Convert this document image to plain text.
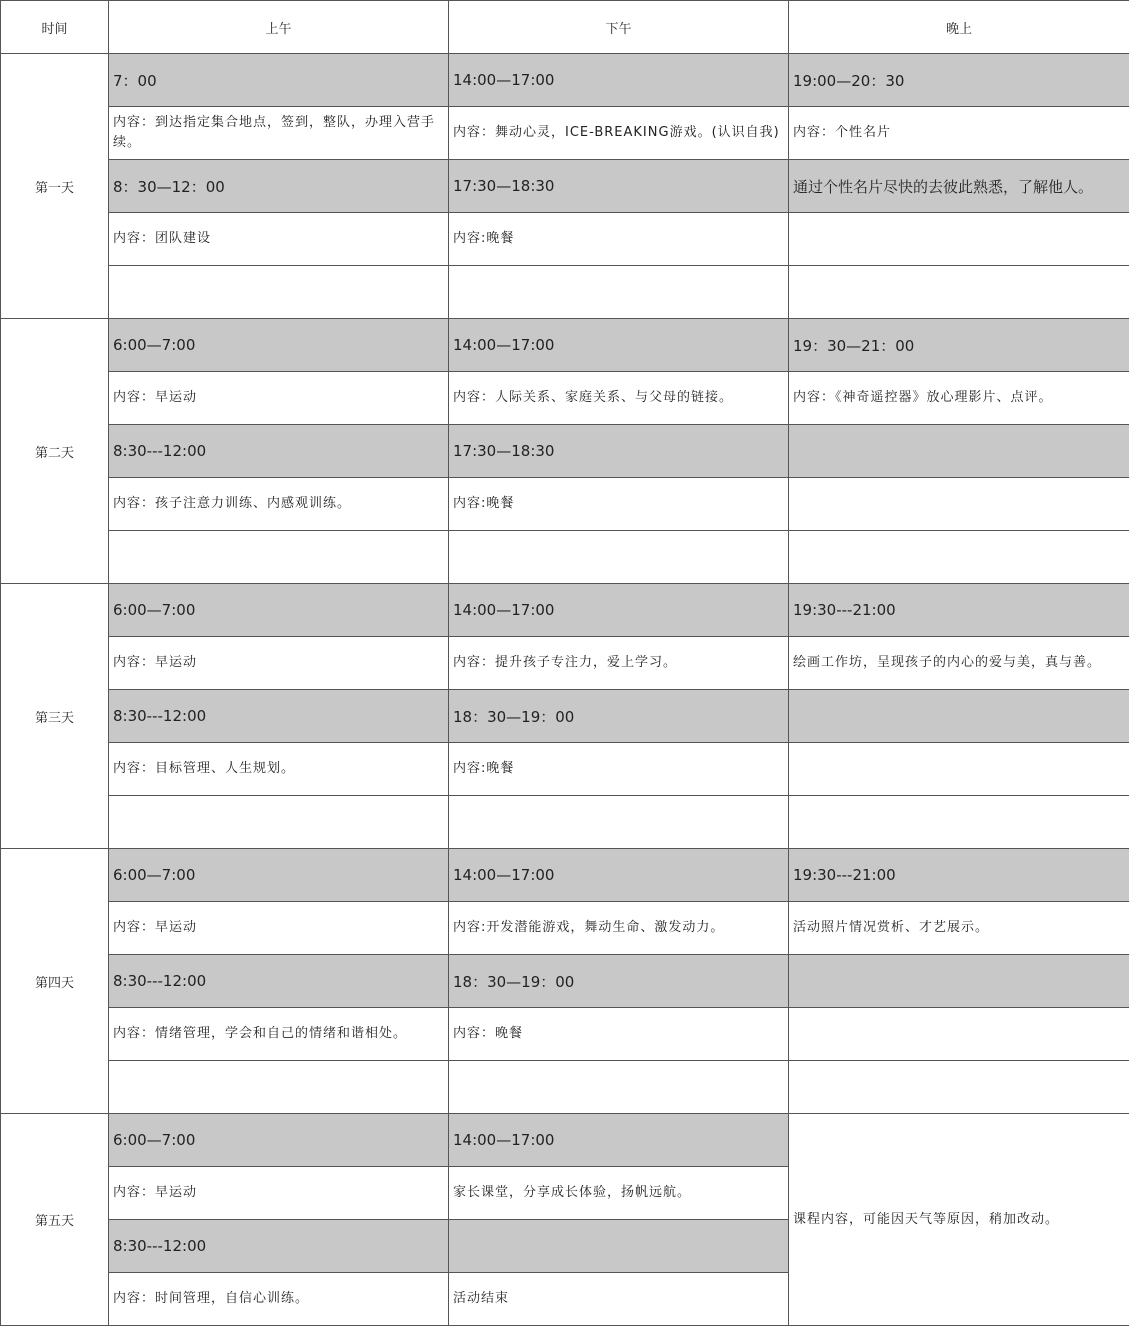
时间	上午	下午	晚上
第一天	7：00	14:00—17:00	19:00—20：30
	内容：到达指定集合地点，签到，整队，办理入营手续。	内容：舞动心灵，ICE-BREAKING游戏。(认识自我)	内容：个性名片
	8：30—12：00	17:30—18:30	通过个性名片尽快的去彼此熟悉，了解他人。
	内容：团队建设	内容:晚餐	

第二天	6:00—7:00	14:00—17:00	19：30—21：00
	内容：早运动	内容：人际关系、家庭关系、与父母的链接。	内容：《神奇遥控器》放心理影片、点评。
	8:30---12:00	17:30—18:30	
	内容：孩子注意力训练、内感观训练。	内容:晚餐	

第三天	6:00—7:00	14:00—17:00	19:30---21:00
	内容：早运动	内容：提升孩子专注力，爱上学习。	绘画工作坊，呈现孩子的内心的爱与美，真与善。
	8:30---12:00	18：30—19：00	
	内容：目标管理、人生规划。	内容:晚餐	

第四天	6:00—7:00	14:00—17:00	19:30---21:00
	内容：早运动	内容:开发潜能游戏，舞动生命、激发动力。	活动照片情况赏析、才艺展示。
	8:30---12:00	18：30—19：00	
	内容：情绪管理，学会和自己的情绪和谐相处。	内容：晚餐	

第五天	6:00—7:00	14:00—17:00	课程内容，可能因天气等原因，稍加改动。
	内容：早运动	家长课堂，分享成长体验，扬帆远航。	
	8:30---12:00		
	内容：时间管理，自信心训练。	活动结束	
